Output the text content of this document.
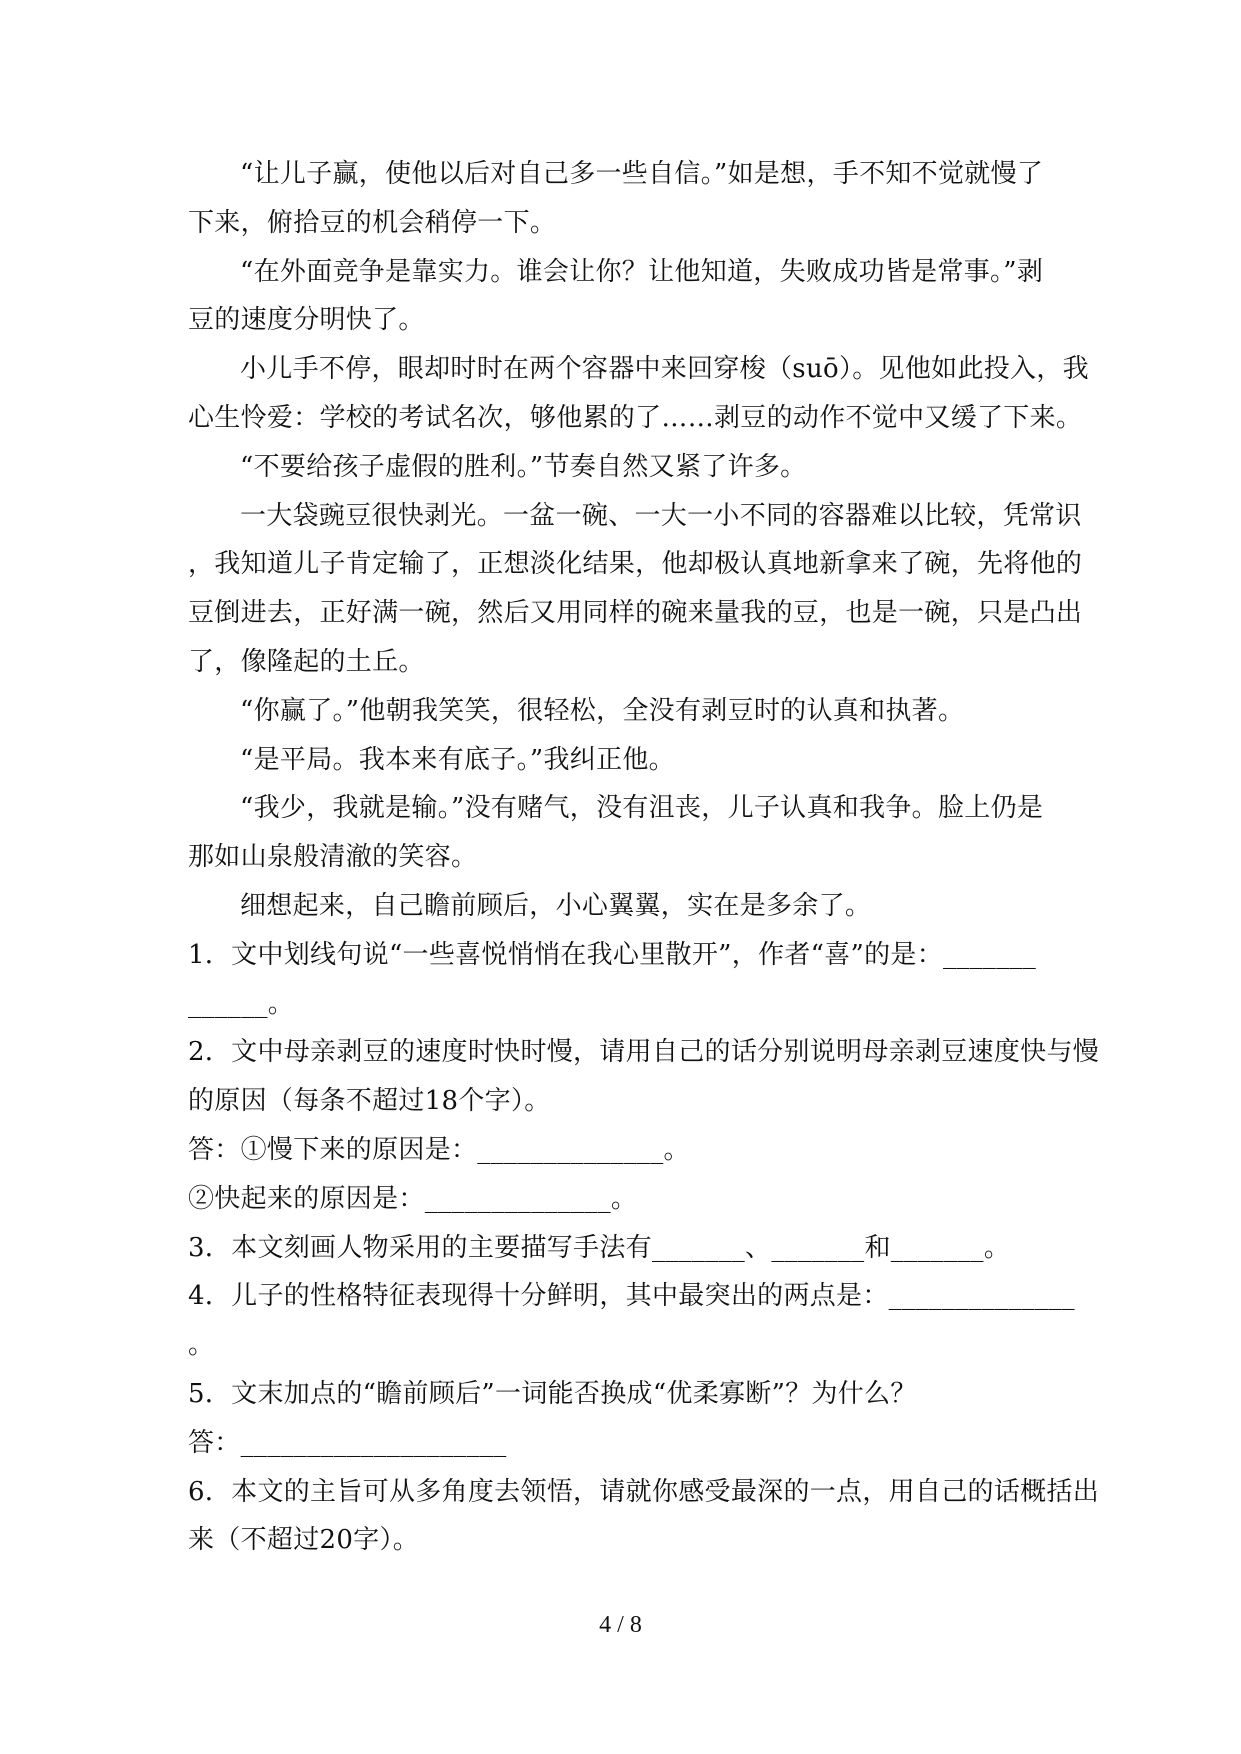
“让儿子赢，使他以后对自己多一些自信。”如是想，手不知不觉就慢了
下来，俯拾豆的机会稍停一下。
“在外面竞争是靠实力。谁会让你？让他知道，失败成功皆是常事。”剥
豆的速度分明快了。
小儿手不停，眼却时时在两个容器中来回穿梭（suō）。见他如此投入，我
心生怜爱：学校的考试名次，够他累的了……剥豆的动作不觉中又缓了下来。
“不要给孩子虚假的胜利。”节奏自然又紧了许多。
一大袋豌豆很快剥光。一盆一碗、一大一小不同的容器难以比较，凭常识
，我知道儿子肯定输了，正想淡化结果，他却极认真地新拿来了碗，先将他的
豆倒进去，正好满一碗，然后又用同样的碗来量我的豆，也是一碗，只是凸出
了，像隆起的土丘。
“你赢了。”他朝我笑笑，很轻松，全没有剥豆时的认真和执著。
“是平局。我本来有底子。”我纠正他。
“我少，我就是输。”没有赌气，没有沮丧，儿子认真和我争。脸上仍是
那如山泉般清澈的笑容。
细想起来，自己瞻前顾后，小心翼翼，实在是多余了。
1．文中划线句说“一些喜悦悄悄在我心里散开”，作者“喜”的是：_______
______。
2．文中母亲剥豆的速度时快时慢，请用自己的话分别说明母亲剥豆速度快与慢
的原因（每条不超过18个字）。
答：①慢下来的原因是：______________。
②快起来的原因是：______________。
3．本文刻画人物采用的主要描写手法有_______、_______和_______。
4．儿子的性格特征表现得十分鲜明，其中最突出的两点是：______________
。
5．文末加点的“瞻前顾后”一词能否换成“优柔寡断”？为什么？
答：____________________
6．本文的主旨可从多角度去领悟，请就你感受最深的一点，用自己的话概括出
来（不超过20字）。
4 / 8
